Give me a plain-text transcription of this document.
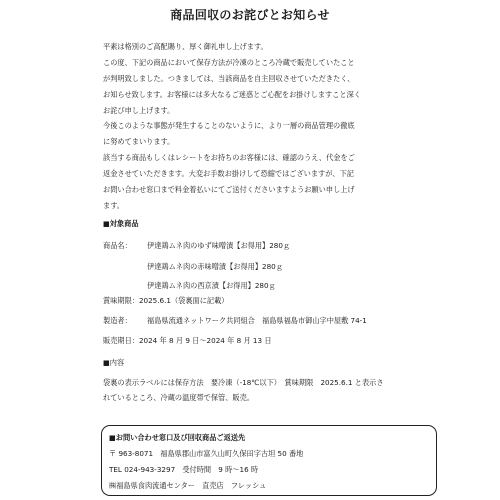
商品回収のお詫びとお知らせ
平素は格別のご高配賜り、厚く御礼申し上げます。
この度、下記の商品において保存方法が冷凍のところ冷蔵で販売していたこと
が判明致しました。つきましては、当該商品を自主回収させていただきたく、
お知らせ致します。お客様には多大なるご迷惑とご心配をお掛けしますこと深く
お詫び申し上げます。
今後このような事態が発生することのないように、より一層の商品管理の徹底
に努めてまいります。
該当する商品もしくはレシートをお持ちのお客様には、確認のうえ、代金をご
返金させていただきます。大変お手数お掛けして恐縮ではございますが、下記
お問い合わせ窓口まで料金着払いにてご送付くださいますようお願い申し上げ
ます。
■対象商品
商品名： 伊達鶏ムネ肉のゆず味噌漬【お得用】280ｇ
伊達鶏ムネ肉の赤味噌漬【お得用】280ｇ
伊達鶏ムネ肉の西京漬【お得用】280ｇ
賞味期限：2025.6.1（袋裏面に記載）
製造者： 福島県流通ネットワーク共同組合　福島県福島市御山字中屋敷 74-1
販売期日：2024 年 8 月 9 日～2024 年 8 月 13 日
■内容
袋裏の表示ラベルには保存方法　要冷凍（-18℃以下）　賞味期限　2025.6.1 と表示さ
れているところ、冷蔵の温度帯で保管、販売。
■お問い合わせ窓口及び回収商品ご返送先
〒 963-8071　福島県郡山市富久山町久保田字古坦 50 番地
TEL 024-943-3297　受付時間　9 時～16 時
㈱福島県食肉流通センター　直売店　フレッシュ
